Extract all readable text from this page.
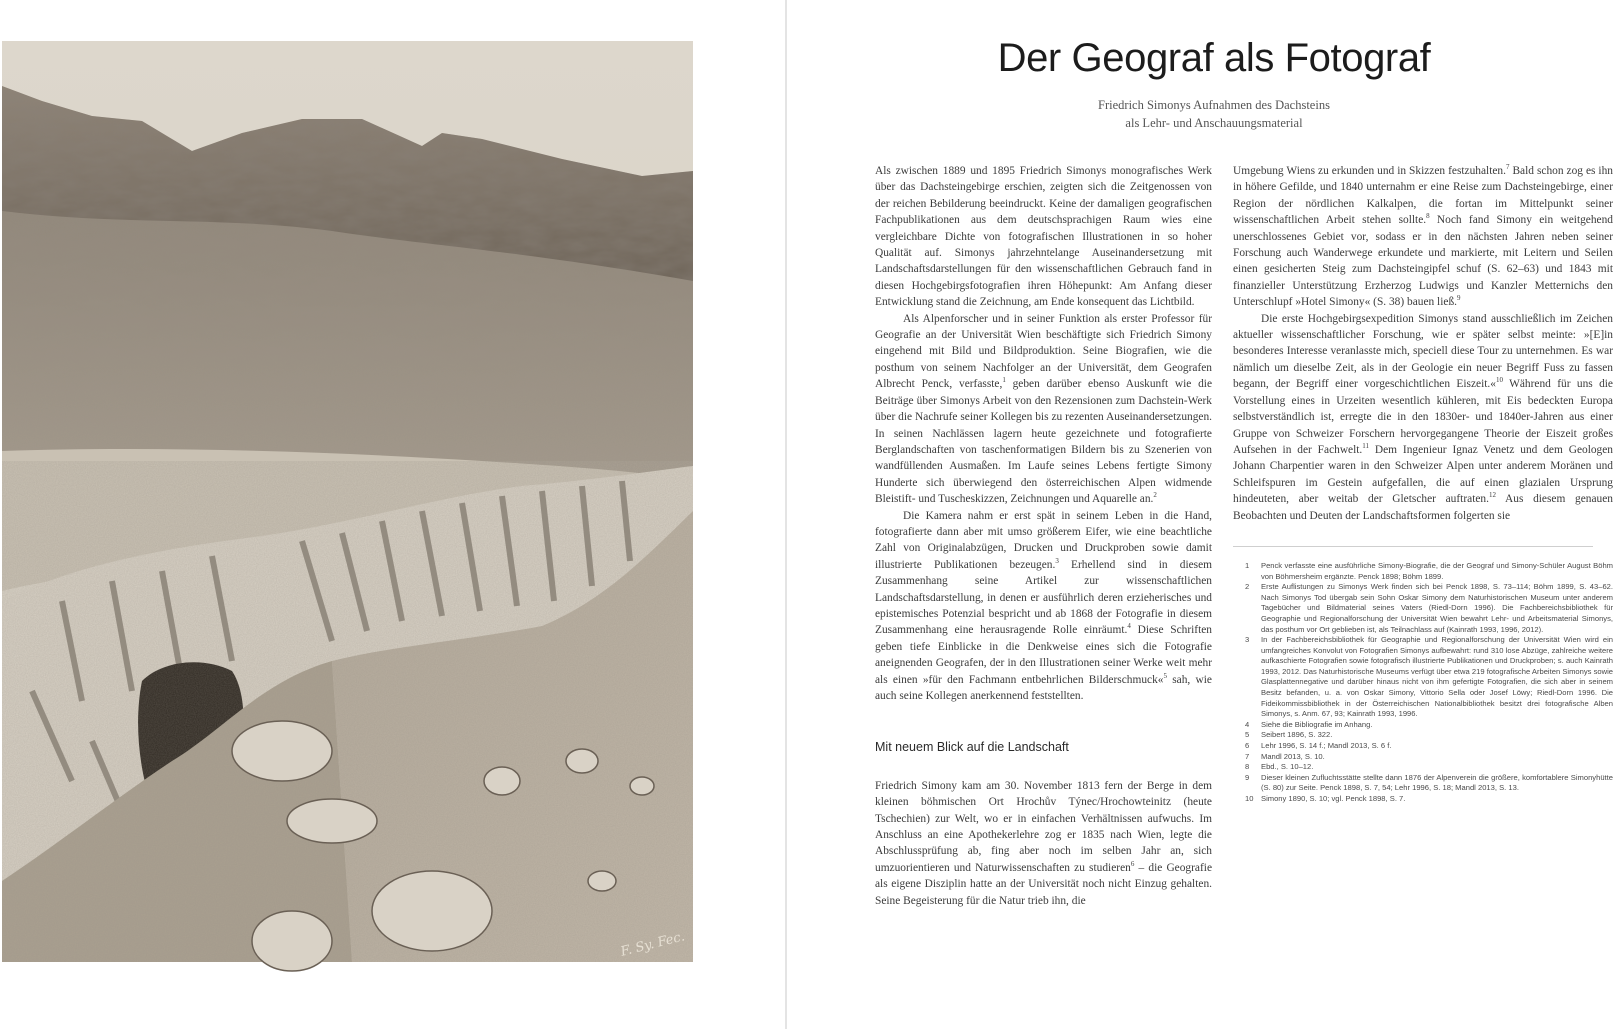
F. Sy. Fec.
Der Geograf als Fotograf
Friedrich Simonys Aufnahmen des Dachsteins
als Lehr- und Anschauungsmaterial

Als zwischen 1889 und 1895 Friedrich Simonys monografisches Werk über das Dachsteingebirge erschien, zeigten sich die Zeitgenossen von der reichen Bebilderung beeindruckt. Keine der damaligen geografischen Fachpublikationen aus dem deutschsprachigen Raum wies eine vergleichbare Dichte von fotografischen Illustrationen in so hoher Qualität auf. Simonys jahrzehntelange Auseinandersetzung mit Landschaftsdarstellungen für den wissenschaftlichen Gebrauch fand in diesen Hochgebirgsfotografien ihren Höhepunkt: Am Anfang dieser Entwicklung stand die Zeichnung, am Ende konsequent das Lichtbild.

Als Alpenforscher und in seiner Funktion als erster Professor für Geografie an der Universität Wien beschäftigte sich Friedrich Simony eingehend mit Bild und Bildproduktion. Seine Biografien, wie die posthum von seinem Nachfolger an der Universität, dem Geografen Albrecht Penck, verfasste,$^1$ geben darüber ebenso Auskunft wie die Beiträge über Simonys Arbeit von den Rezensionen zum Dachstein-Werk über die Nachrufe seiner Kollegen bis zu rezenten Auseinandersetzungen. In seinen Nachlässen lagern heute gezeichnete und fotografierte Berglandschaften von taschenformatigen Bildern bis zu Szenerien von wandfüllenden Ausmaßen. Im Laufe seines Lebens fertigte Simony Hunderte sich überwiegend den österreichischen Alpen widmende Bleistift- und Tuscheskizzen, Zeichnungen und Aquarelle an.$^2$

Die Kamera nahm er erst spät in seinem Leben in die Hand, fotografierte dann aber mit umso größerem Eifer, wie eine beachtliche Zahl von Originalabzügen, Drucken und Druckproben sowie damit illustrierte Publikationen bezeugen.$^3$ Erhellend sind in diesem Zusammenhang seine Artikel zur wissenschaftlichen Landschaftsdarstellung, in denen er ausführlich deren erzieherisches und epistemisches Potenzial bespricht und ab 1868 der Fotografie in diesem Zusammenhang eine herausragende Rolle einräumt.$^4$ Diese Schriften geben tiefe Einblicke in die Denkweise eines sich die Fotografie aneignenden Geografen, der in den Illustrationen seiner Werke weit mehr als einen »für den Fachmann entbehrlichen Bilderschmuck«$^5$ sah, wie auch seine Kollegen anerkennend feststellten.

Mit neuem Blick auf die Landschaft

Friedrich Simony kam am 30. November 1813 fern der Berge in dem kleinen böhmischen Ort Hrochův Týnec/Hrochowteinitz (heute Tschechien) zur Welt, wo er in einfachen Verhältnissen aufwuchs. Im Anschluss an eine Apothekerlehre zog er 1835 nach Wien, legte die Abschlussprüfung ab, fing aber noch im selben Jahr an, sich umzuorientieren und Naturwissenschaften zu studieren$^6$ – die Geografie als eigene Disziplin hatte an der Universität noch nicht Einzug gehalten. Seine Begeisterung für die Natur trieb ihn, die

Umgebung Wiens zu erkunden und in Skizzen festzuhalten.$^7$ Bald schon zog es ihn in höhere Gefilde, und 1840 unternahm er eine Reise zum Dachsteingebirge, einer Region der nördlichen Kalkalpen, die fortan im Mittelpunkt seiner wissenschaftlichen Arbeit stehen sollte.$^8$ Noch fand Simony ein weitgehend unerschlossenes Gebiet vor, sodass er in den nächsten Jahren neben seiner Forschung auch Wanderwege erkundete und markierte, mit Leitern und Seilen einen gesicherten Steig zum Dachsteingipfel schuf (S. 62–63) und 1843 mit finanzieller Unterstützung Erzherzog Ludwigs und Kanzler Metternichs den Unterschlupf »Hotel Simony« (S. 38) bauen ließ.$^9$

Die erste Hochgebirgsexpedition Simonys stand ausschließlich im Zeichen aktueller wissenschaftlicher Forschung, wie er später selbst meinte: »[E]in besonderes Interesse veranlasste mich, speciell diese Tour zu unternehmen. Es war nämlich um dieselbe Zeit, als in der Geologie ein neuer Begriff Fuss zu fassen begann, der Begriff einer vorgeschichtlichen Eiszeit.«$^{10}$ Während für uns die Vorstellung eines in Urzeiten wesentlich kühleren, mit Eis bedeckten Europa selbstverständlich ist, erregte die in den 1830er- und 1840er-Jahren aus einer Gruppe von Schweizer Forschern hervorgegangene Theorie der Eiszeit großes Aufsehen in der Fachwelt.$^{11}$ Dem Ingenieur Ignaz Venetz und dem Geologen Johann Charpentier waren in den Schweizer Alpen unter anderem Moränen und Schleifspuren im Gestein aufgefallen, die auf einen glazialen Ursprung hindeuteten, aber weitab der Gletscher auftraten.$^{12}$ Aus diesem genauen Beobachten und Deuten der Landschaftsformen folgerten sie

1	Penck verfasste eine ausführliche Simony-Biografie, die der Geograf und Simony-Schüler August Böhm von Böhmersheim ergänzte. Penck 1898; Böhm 1899.
2	Erste Auflistungen zu Simonys Werk finden sich bei Penck 1898, S. 73–114; Böhm 1899, S. 43–62. Nach Simonys Tod übergab sein Sohn Oskar Simony dem Naturhistorischen Museum unter anderem Tagebücher und Bildmaterial seines Vaters (Riedl-Dorn 1996). Die Fachbereichsbibliothek für Geographie und Regionalforschung der Universität Wien bewahrt Lehr- und Arbeitsmaterial Simonys, das posthum vor Ort geblieben ist, als Teilnachlass auf (Kainrath 1993, 1996, 2012).
3	In der Fachbereichsbibliothek für Geographie und Regionalforschung der Universität Wien wird ein umfangreiches Konvolut von Fotografien Simonys aufbewahrt: rund 310 lose Abzüge, zahlreiche weitere aufkaschierte Fotografien sowie fotografisch illustrierte Publikationen und Druckproben; s. auch Kainrath 1993, 2012. Das Naturhistorische Museums verfügt über etwa 219 fotografische Arbeiten Simonys sowie Glasplattennegative und darüber hinaus nicht von ihm gefertigte Fotografien, die sich aber in seinem Besitz befanden, u. a. von Oskar Simony, Vittorio Sella oder Josef Löwy; Riedl-Dorn 1996. Die Fideikommissbibliothek in der Österreichischen Nationalbibliothek besitzt drei fotografische Alben Simonys, s. Anm. 67, 93; Kainrath 1993, 1996.
4	Siehe die Bibliografie im Anhang.
5	Seibert 1896, S. 322.
6	Lehr 1996, S. 14 f.; Mandl 2013, S. 6 f.
7	Mandl 2013, S. 10.
8	Ebd., S. 10–12.
9	Dieser kleinen Zufluchtsstätte stellte dann 1876 der Alpenverein die größere, komfortablere Simonyhütte (S. 80) zur Seite. Penck 1898, S. 7, 54; Lehr 1996, S. 18; Mandl 2013, S. 13.
10 Simony 1890, S. 10; vgl. Penck 1898, S. 7.
